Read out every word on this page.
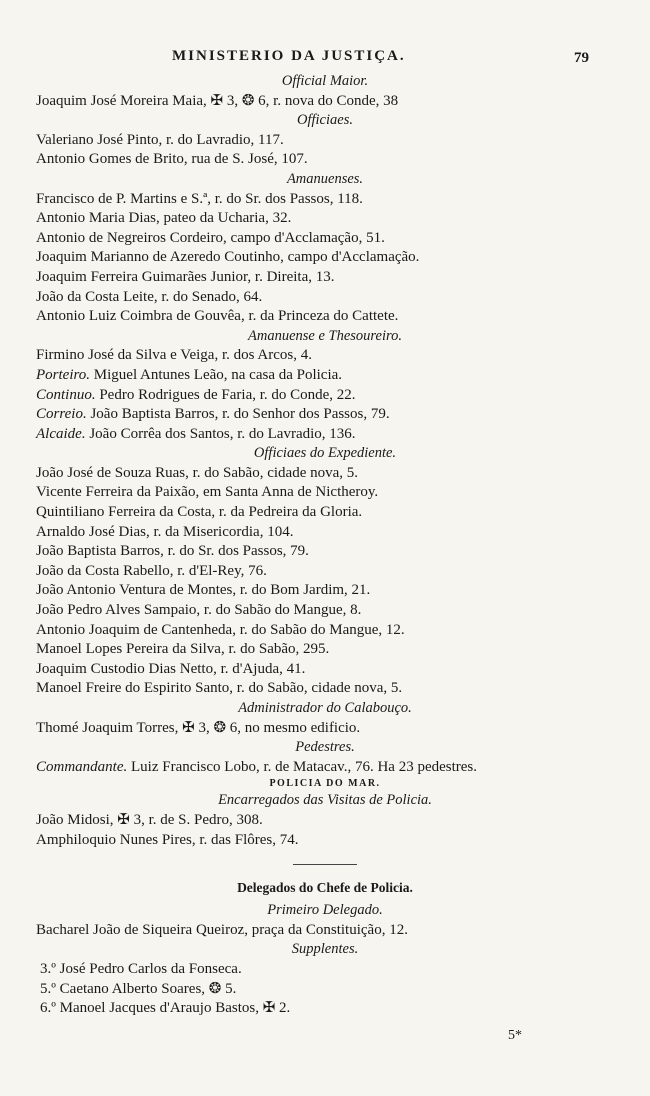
MINISTERIO DA JUSTIÇA.	79
Official Maior.
Joaquim José Moreira Maia, ✠ 3, ❂ 6, r. nova do Conde, 38
Officiaes.
Valeriano José Pinto, r. do Lavradio, 117.
Antonio Gomes de Brito, rua de S. José, 107.
Amanuenses.
Francisco de P. Martins e S.ª, r. do Sr. dos Passos, 118.
Antonio Maria Dias, pateo da Ucharia, 32.
Antonio de Negreiros Cordeiro, campo d'Acclamação, 51.
Joaquim Marianno de Azeredo Coutinho, campo d'Acclamação.
Joaquim Ferreira Guimarães Junior, r. Direita, 13.
João da Costa Leite, r. do Senado, 64.
Antonio Luiz Coimbra de Gouvêa, r. da Princeza do Cattete.
Amanuense e Thesoureiro.
Firmino José da Silva e Veiga, r. dos Arcos, 4.
Porteiro. Miguel Antunes Leão, na casa da Policia.
Continuo. Pedro Rodrigues de Faria, r. do Conde, 22.
Correio. João Baptista Barros, r. do Senhor dos Passos, 79.
Alcaide. João Corrêa dos Santos, r. do Lavradio, 136.
Officiaes do Expediente.
João José de Souza Ruas, r. do Sabão, cidade nova, 5.
Vicente Ferreira da Paixão, em Santa Anna de Nictheroy.
Quintiliano Ferreira da Costa, r. da Pedreira da Gloria.
Arnaldo José Dias, r. da Misericordia, 104.
João Baptista Barros, r. do Sr. dos Passos, 79.
João da Costa Rabello, r. d'El-Rey, 76.
João Antonio Ventura de Montes, r. do Bom Jardim, 21.
João Pedro Alves Sampaio, r. do Sabão do Mangue, 8.
Antonio Joaquim de Cantenheda, r. do Sabão do Mangue, 12.
Manoel Lopes Pereira da Silva, r. do Sabão, 295.
Joaquim Custodio Dias Netto, r. d'Ajuda, 41.
Manoel Freire do Espirito Santo, r. do Sabão, cidade nova, 5.
Administrador do Calabouço.
Thomé Joaquim Torres, ✠ 3, ❂ 6, no mesmo edificio.
Pedestres.
Commandante. Luiz Francisco Lobo, r. de Matacav., 76. Ha 23 pedestres.
POLICIA DO MAR.
Encarregados das Visitas de Policia.
João Midosi, ✠ 3, r. de S. Pedro, 308.
Amphiloquio Nunes Pires, r. das Flôres, 74.
Delegados do Chefe de Policia.
Primeiro Delegado.
Bacharel João de Siqueira Queiroz, praça da Constituição, 12.
Supplentes.
3.º José Pedro Carlos da Fonseca.
5.º Caetano Alberto Soares, ❂ 5.
6.º Manoel Jacques d'Araujo Bastos, ✠ 2.
5*
